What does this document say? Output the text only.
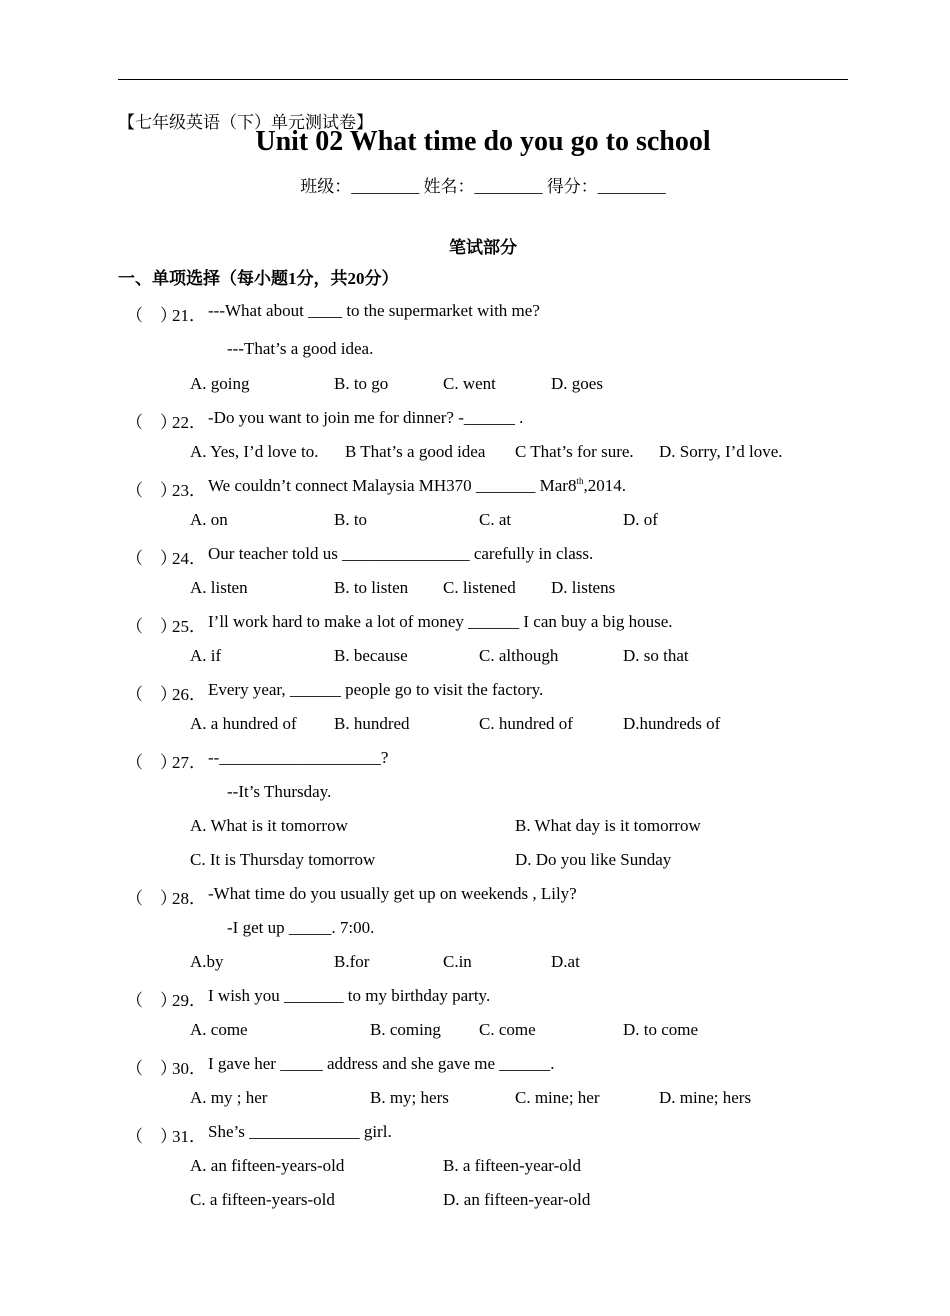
【七年级英语（下）单元测试卷】
Unit 02 What time do you go to school
班级：________ 姓名：________ 得分：________
笔试部分
一、单项选择（每小题1分，共20分）
（　）
21． ---What about ____ to the supermarket with me?
---That’s a good idea.
A. going	B. to go	C. went	D. goes
（　）
22． -Do you want to join me for dinner? -______ .
A. Yes, I’d love to. B That’s a good idea C That’s for sure. D. Sorry, I’d love.
（　）
23． We couldn’t connect Malaysia MH370 _______ Mar8th,2014.
A. on	B. to	C. at	D. of
（　）
24． Our teacher told us _______________ carefully in class.
A. listen	B. to listen C. listened D. listens
（　）
25． I’ll work hard to make a lot of money ______ I can buy a big house.
A. if	B. because	C. although	D. so that
（　）
26． Every year, ______ people go to visit the factory.
A. a hundred of B. hundred	C. hundred of	D.hundreds of
（　）
27． --___________________?
--It’s Thursday.
A. What is it tomorrow	B. What day is it tomorrow
C. It is Thursday tomorrow	D. Do you like Sunday
（　）
28． -What time do you usually get up on weekends , Lily?
-I get up _____. 7:00.
A.by	B.for	C.in	D.at
（　）
29． I wish you _______ to my birthday party.
A. come	B. coming C. come	D. to come
（　）
30． I gave her _____ address and she gave me ______.
A. my ; her	B. my; hers	C. mine; her	D. mine; hers
（　）
31． She’s _____________ girl.
A. an fifteen-years-old	B. a fifteen-year-old
C. a fifteen-years-old	D. an fifteen-year-old
